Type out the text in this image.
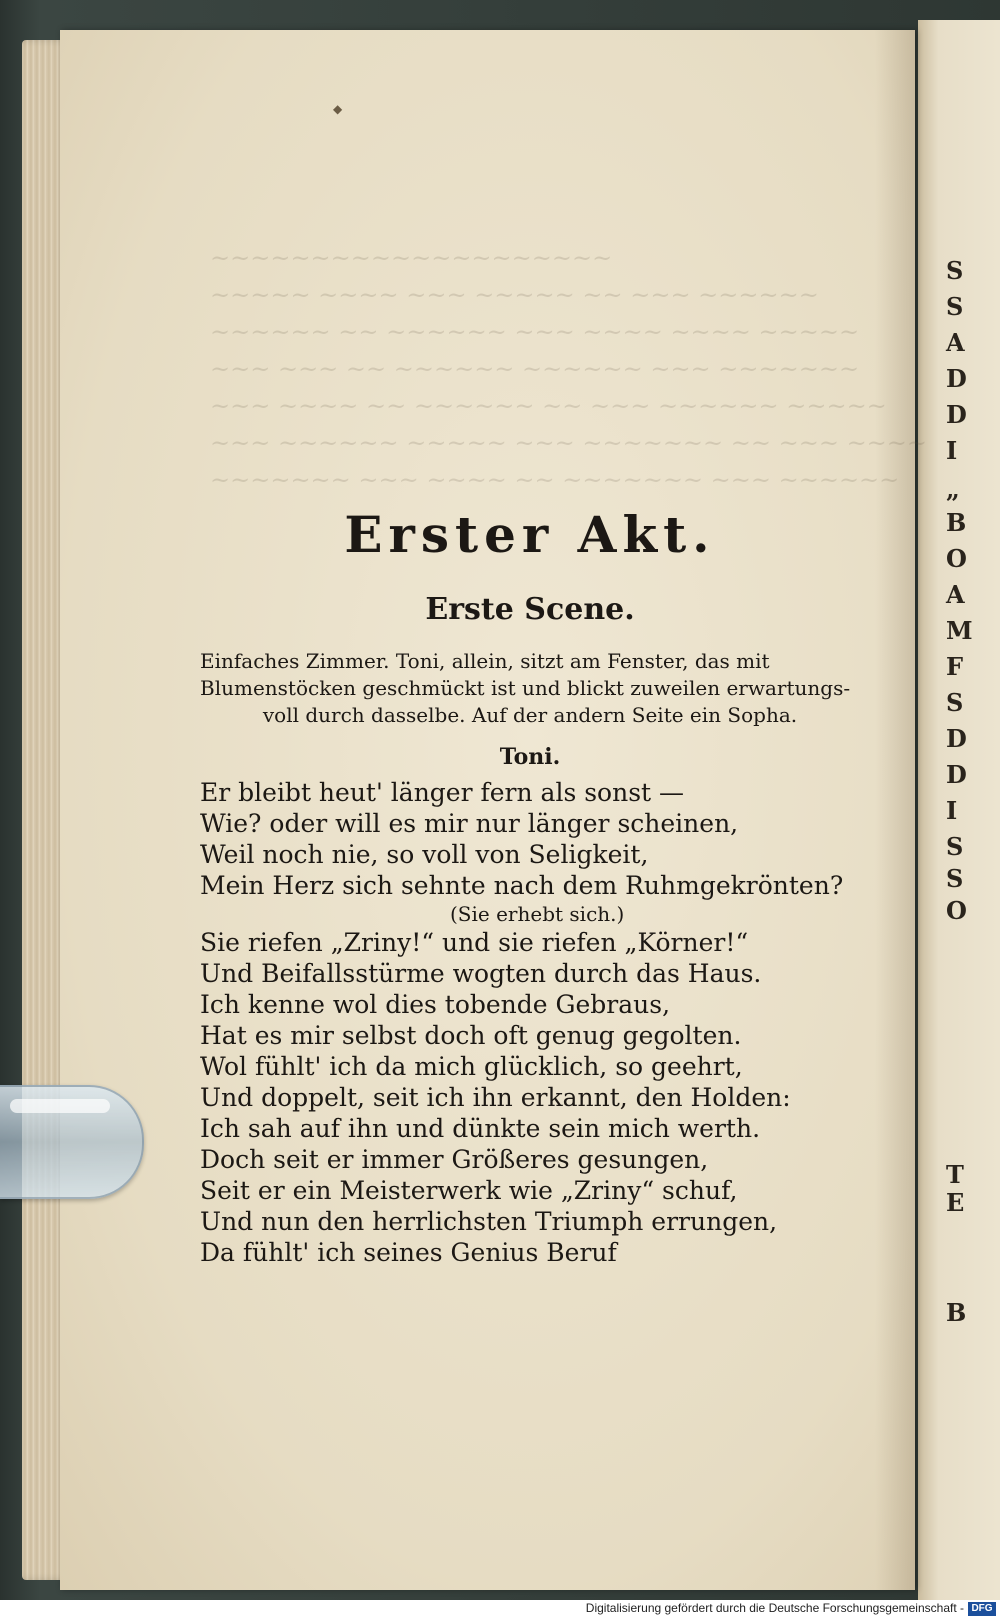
S
S
A
D
D
I
„
B
O
A
M
F
S
D
D
I
S
S
O
T
E
B
◆
Erster Akt.
Erste Scene.

Einfaches Zimmer. Toni, allein, sitzt am Fenster, das mit
Blumenstöcken geschmückt ist und blickt zuweilen erwartungs-
voll durch dasselbe. Auf der andern Seite ein Sopha.

Toni.
Er bleibt heut' länger fern als sonst —
Wie? oder will es mir nur länger scheinen,
Weil noch nie, so voll von Seligkeit,
Mein Herz sich sehnte nach dem Ruhmgekrönten?
(Sie erhebt sich.)
Sie riefen „Zriny!“ und sie riefen „Körner!“
Und Beifallsstürme wogten durch das Haus.
Ich kenne wol dies tobende Gebraus,
Hat es mir selbst doch oft genug gegolten.
Wol fühlt' ich da mich glücklich, so geehrt,
Und doppelt, seit ich ihn erkannt, den Holden:
Ich sah auf ihn und dünkte sein mich werth.
Doch seit er immer Größeres gesungen,
Seit er ein Meisterwerk wie „Zriny“ schuf,
Und nun den herrlichsten Triumph errungen,
Da fühlt' ich seines Genius Beruf
Digitalisierung gefördert durch die Deutsche Forschungsgemeinschaft - DFG
